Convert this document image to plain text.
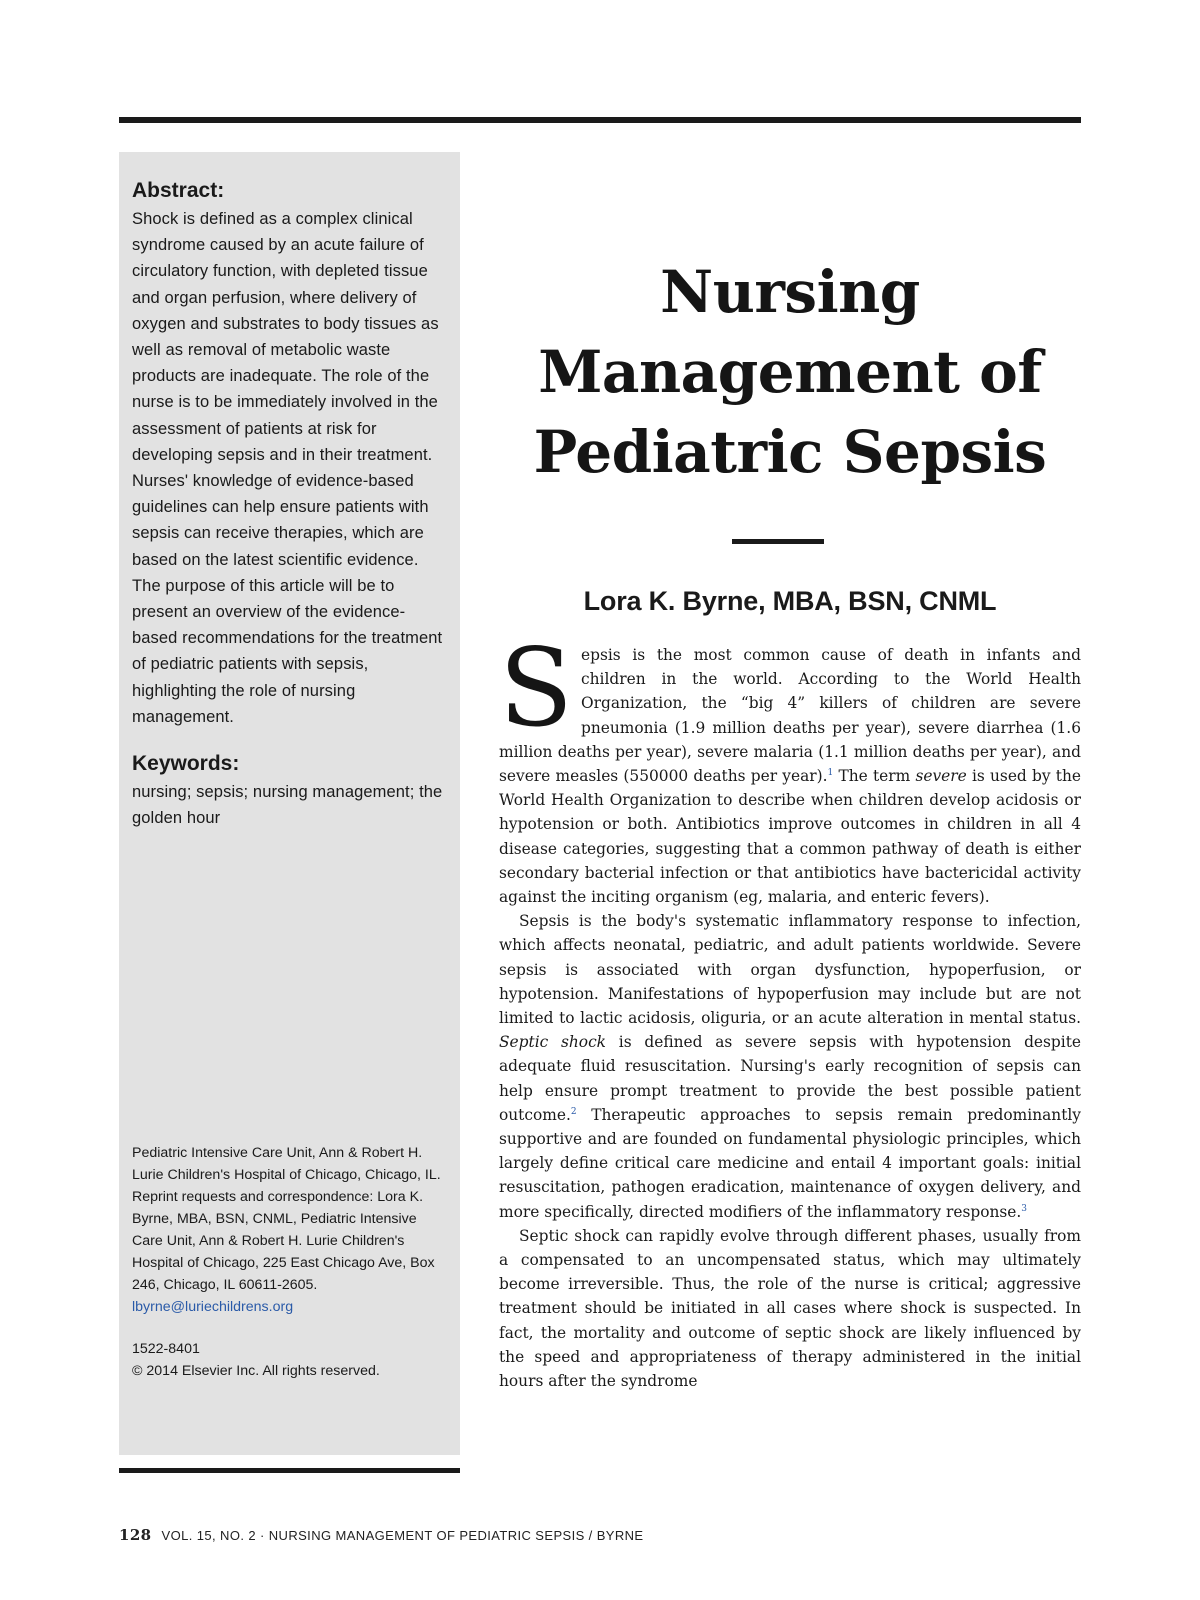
Abstract:

Shock is defined as a complex clinical syndrome caused by an acute failure of circulatory function, with depleted tissue and organ perfusion, where delivery of oxygen and substrates to body tissues as well as removal of metabolic waste products are inadequate. The role of the nurse is to be immediately involved in the assessment of patients at risk for developing sepsis and in their treatment. Nurses' knowledge of evidence-based guidelines can help ensure patients with sepsis can receive therapies, which are based on the latest scientific evidence. The purpose of this article will be to present an overview of the evidence-based recommendations for the treatment of pediatric patients with sepsis, highlighting the role of nursing management.

Keywords:

nursing; sepsis; nursing management; the golden hour

Pediatric Intensive Care Unit, Ann & Robert H. Lurie Children's Hospital of Chicago, Chicago, IL.

Reprint requests and correspondence: Lora K. Byrne, MBA, BSN, CNML, Pediatric Intensive Care Unit, Ann & Robert H. Lurie Children's Hospital of Chicago, 225 East Chicago Ave, Box 246, Chicago, IL 60611-2605.

lbyrne@luriechildrens.org

1522-8401

© 2014 Elsevier Inc. All rights reserved.

Nursing Management of Pediatric Sepsis
Lora K. Byrne, MBA, BSN, CNML

Sepsis is the most common cause of death in infants and children in the world. According to the World Health Organization, the “big 4” killers of children are severe pneumonia (1.9 million deaths per year), severe diarrhea (1.6 million deaths per year), severe malaria (1.1 million deaths per year), and severe measles (550000 deaths per year).$^1$ The term severe is used by the World Health Organization to describe when children develop acidosis or hypotension or both. Antibiotics improve outcomes in children in all 4 disease categories, suggesting that a common pathway of death is either secondary bacterial infection or that antibiotics have bactericidal activity against the inciting organism (eg, malaria, and enteric fevers).

Sepsis is the body's systematic inflammatory response to infection, which affects neonatal, pediatric, and adult patients worldwide. Severe sepsis is associated with organ dysfunction, hypoperfusion, or hypotension. Manifestations of hypoperfusion may include but are not limited to lactic acidosis, oliguria, or an acute alteration in mental status. Septic shock is defined as severe sepsis with hypotension despite adequate fluid resuscitation. Nursing's early recognition of sepsis can help ensure prompt treatment to provide the best possible patient outcome.$^2$ Therapeutic approaches to sepsis remain predominantly supportive and are founded on fundamental physiologic principles, which largely define critical care medicine and entail 4 important goals: initial resuscitation, pathogen eradication, maintenance of oxygen delivery, and more specifically, directed modifiers of the inflammatory response.$^3$

Septic shock can rapidly evolve through different phases, usually from a compensated to an uncompensated status, which may ultimately become irreversible. Thus, the role of the nurse is critical; aggressive treatment should be initiated in all cases where shock is suspected. In fact, the mortality and outcome of septic shock are likely influenced by the speed and appropriateness of therapy administered in the initial hours after the syndrome

128 VOL. 15, NO. 2 · NURSING MANAGEMENT OF PEDIATRIC SEPSIS / BYRNE
